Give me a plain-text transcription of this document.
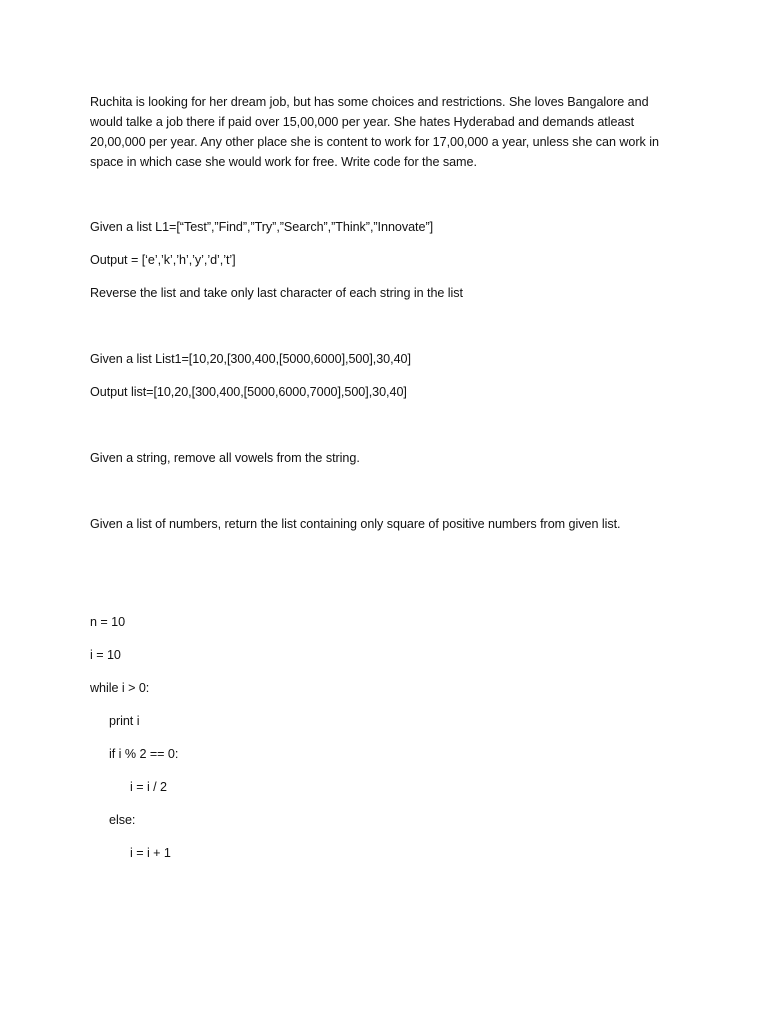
Ruchita is looking for her dream job, but has some choices and restrictions. She loves Bangalore and
would talke a job there if paid over 15,00,000 per year. She hates Hyderabad and demands atleast
20,00,000 per year. Any other place she is content to work for 17,00,000 a year, unless she can work in
space in which case she would work for free. Write code for the same.
Given a list L1=[“Test”,”Find”,”Try”,”Search”,”Think”,”Innovate”]
Output = [‘e’,’k’,’h’,’y’,’d’,’t’]
Reverse the list and take only last character of each string in the list
Given a list List1=[10,20,[300,400,[5000,6000],500],30,40]
Output list=[10,20,[300,400,[5000,6000,7000],500],30,40]
Given a string, remove all vowels from the string.
Given a list of numbers, return the list containing only square of positive numbers from given list.
n = 10
i = 10
while i > 0:
print i
if i % 2 == 0:
i = i / 2
else:
i = i + 1
